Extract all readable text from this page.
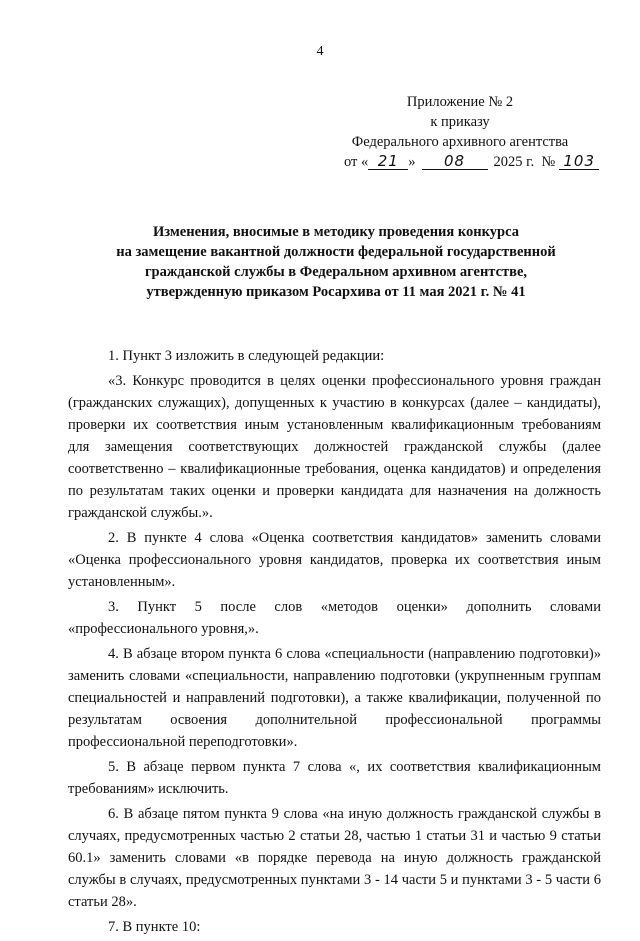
4
Приложение № 2
к приказу
Федерального архивного агентства
от « 21 » 08 2025 г. № 103
Изменения, вносимые в методику проведения конкурса
на замещение вакантной должности федеральной государственной
гражданской службы в Федеральном архивном агентстве,
утвержденную приказом Росархива от 11 мая 2021 г. № 41

1. Пункт 3 изложить в следующей редакции:

«3. Конкурс проводится в целях оценки профессионального уровня граждан (гражданских служащих), допущенных к участию в конкурсах (далее – кандидаты), проверки их соответствия иным установленным квалификационным требованиям для замещения соответствующих должностей гражданской службы (далее соответственно – квалификационные требования, оценка кандидатов) и определения по результатам таких оценки и проверки кандидата для назначения на должность гражданской службы.».

2. В пункте 4 слова «Оценка соответствия кандидатов» заменить словами «Оценка профессионального уровня кандидатов, проверка их соответствия иным установленным».

3. Пункт 5 после слов «методов оценки» дополнить словами «профессионального уровня,».

4. В абзаце втором пункта 6 слова «специальности (направлению подготовки)» заменить словами «специальности, направлению подготовки (укрупненным группам специальностей и направлений подготовки), а также квалификации, полученной по результатам освоения дополнительной профессиональной программы профессиональной переподготовки».

5. В абзаце первом пункта 7 слова «, их соответствия квалификационным требованиям» исключить.

6. В абзаце пятом пункта 9 слова «на иную должность гражданской службы в случаях, предусмотренных частью 2 статьи 28, частью 1 статьи 31 и частью 9 статьи 60.1» заменить словами «в порядке перевода на иную должность гражданской службы в случаях, предусмотренных пунктами 3 - 14 части 5 и пунктами 3 - 5 части 6 статьи 28».

7. В пункте 10:
